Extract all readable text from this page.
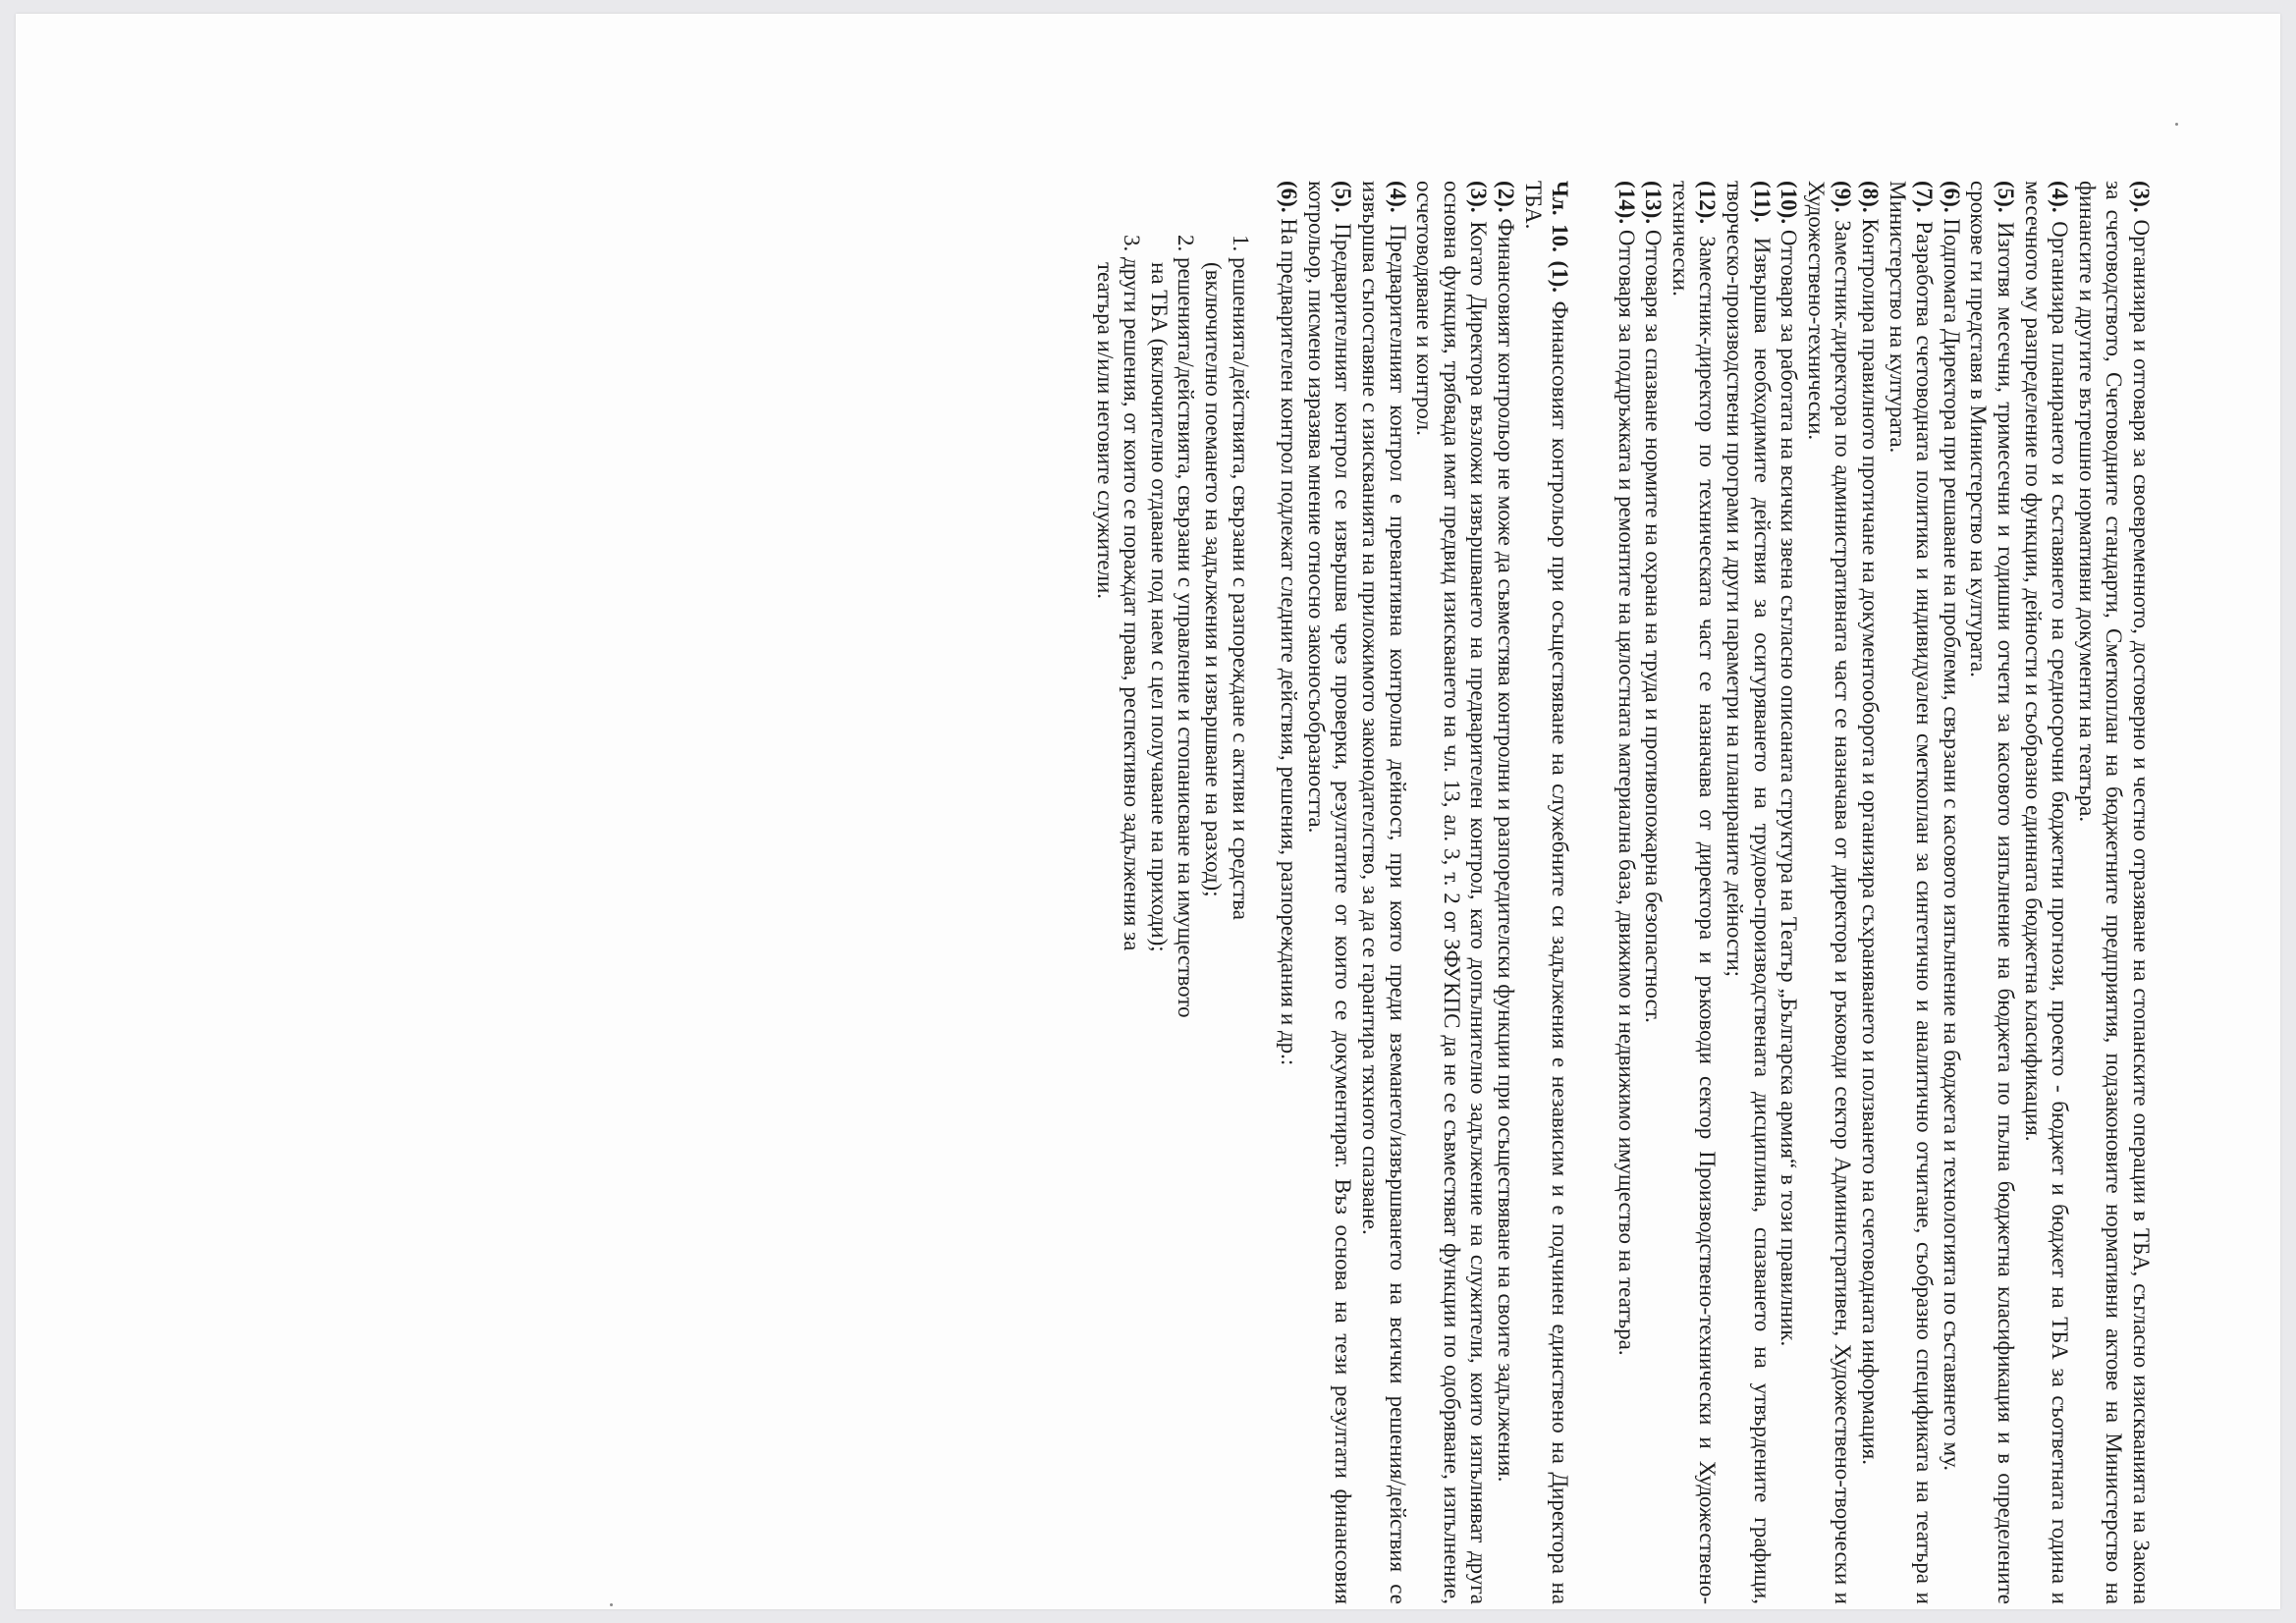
(3). Организира и отговаря за своевременното, достоверно и честно отразяване на стопанските операции в ТБА, съгласно изискванията на Закона за счетоводството, Счетоводните стандарти, Сметкоплан на бюджетните предприятия, подзаконовите нормативни актове на Министерство на финансите и другите вътрешно нормативни документи на театъра.

(4). Организира планирането и съставянето на средносрочни бюджетни прогнози, проекто - бюджет и бюджет на ТБА за съответната година и месечното му разпределение по функции, дейности и съобразно единната бюджетна класификация.

(5). Изготвя месечни, тримесечни и годишни отчети за касовото изпълнение на бюджета по пълна бюджетна класификация и в определените срокове ги представя в Министерство на културата.

(6). Подпомага Директора при решаване на проблеми, свързани с касовото изпълнение на бюджета и технологията по съставянето му.

(7). Разработва счетоводната политика и индивидуален сметкоплан за синтетично и аналитично отчитане, съобразно спецификата на театъра и Министерство на културата.

(8). Контролира правилното протичане на документооборота и организира съхраняването и ползването на счетоводната информация.

(9). Заместник-директора по административната част се назначава от директора и ръководи сектор Административен, Художествено-творчески и Художествено-технически.

(10). Отговаря за работата на всички звена съгласно описаната структура на Театър „Българска армия“ в този правилник.

(11). Извършва необходимите действия за осигуряването на трудово-производствената дисциплина, спазването на утвърдените графици, творческо-производствени програми и други параметри на планираните дейности;

(12). Заместник-директор по техническата част се назначава от директора и ръководи сектор Производствено-технически и Художествено-технически.

(13). Отговаря за спазване нормите на охрана на труда и противопожарна безопастност.

(14). Отговаря за поддръжката и ремонтите на цялостната материална база, движимо и недвижимо имущество на театъра.

Чл. 10. (1). Финансовият контрольор при осъществяване на служебните си задължения е независим и е подчинен единствено на Директора на ТБА.

(2). Финансовият контрольор не може да съвместява контролни и разпоредителски функции при осъществяване на своите задължения.

(3). Когато Директора възложи извършването на предварителен контрол, като допълнително задължение на служители, които изпълняват друга основна функция, трябвада имат предвид изискването на чл. 13, ал. 3, т. 2 от ЗФУКПС да не се съвместяват функции по одобряване, изпълнение, осчетоводяване и контрол.

(4). Предварителният контрол е превантивна контролна дейност, при която преди вземането/извършването на всички решения/действия се извършва съпоставяне с изискванията на приложимото законодателство, за да се гарантира тяхното спазване.

(5). Предварителният контрол се извършва чрез проверки, резултатите от които се документират. Въз основа на тези резултати финансовия котрольор, писмено изразява мнение относно законосъобразността.

(6). На предварителен контрол подлежат следните действия, решения, разпореждания и др.:

1. решенията/действията, свързани с разпореждане с активи и средства

(включително поемането на задължения и извършване на разход);

2. решенията/действията, свързани с управление и стопанисване на имуществото

на ТБА (включително отдаване под наем с цел получаване на приходи);

3. други решения, от които се пораждат права, респективно задължения за

театъра и/или неговите служители.
